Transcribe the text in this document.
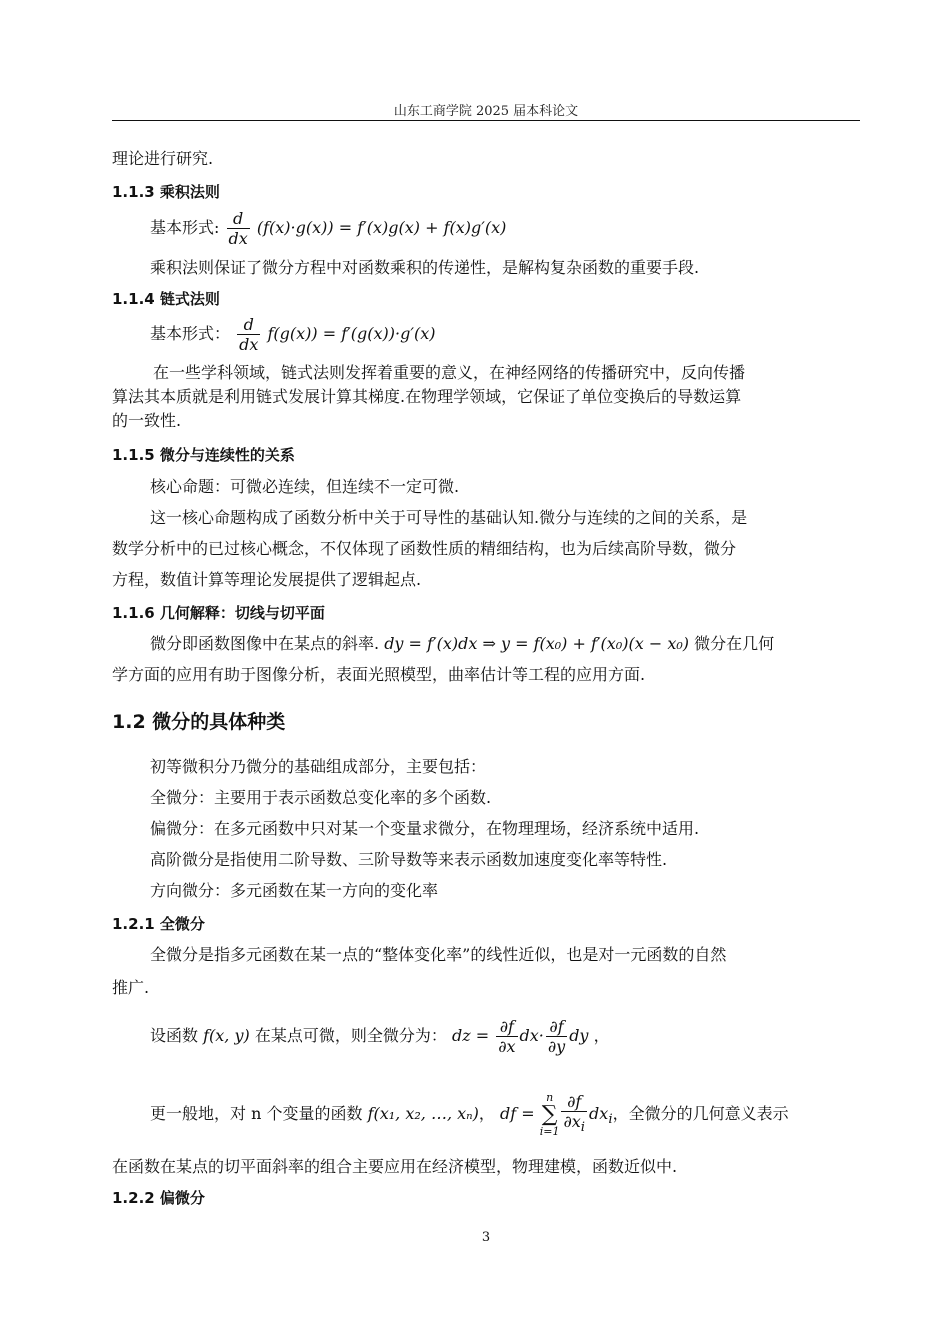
山东工商学院 2025 届本科论文
理论进行研究.
1.1.3 乘积法则
基本形式: $\frac{d}{dx} (f(x)\cdot g(x)) = f'(x)g(x) + f(x)g'(x)$
乘积法则保证了微分方程中对函数乘积的传递性，是解构复杂函数的重要手段.
1.1.4 链式法则
基本形式： $\frac{d}{dx} f(g(x)) = f'(g(x))\cdot g'(x)$
在一些学科领域，链式法则发挥着重要的意义，在神经网络的传播研究中，反向传播
算法其本质就是利用链式发展计算其梯度.在物理学领域，它保证了单位变换后的导数运算
的一致性.
1.1.5 微分与连续性的关系
核心命题：可微必连续，但连续不一定可微.
这一核心命题构成了函数分析中关于可导性的基础认知.微分与连续的之间的关系，是
数学分析中的已过核心概念，不仅体现了函数性质的精细结构，也为后续高阶导数，微分
方程，数值计算等理论发展提供了逻辑起点.
1.1.6 几何解释：切线与切平面
微分即函数图像中在某点的斜率. dy = f′(x)dx ⇒ y = f(x₀) + f′(x₀)(x − x₀) 微分在几何
学方面的应用有助于图像分析，表面光照模型，曲率估计等工程的应用方面.
1.2 微分的具体种类
初等微积分乃微分的基础组成部分，主要包括：
全微分：主要用于表示函数总变化率的多个函数.
偏微分：在多元函数中只对某一个变量求微分，在物理理场，经济系统中适用.
高阶微分是指使用二阶导数、三阶导数等来表示函数加速度变化率等特性.
方向微分：多元函数在某一方向的变化率
1.2.1 全微分
全微分是指多元函数在某一点的“整体变化率”的线性近似，也是对一元函数的自然
推广.
设函数 f(x, y) 在某点可微，则全微分为： dz = $\frac{\partial f}{\partial x} dx\cdot \frac{\partial f}{\partial y}$ dy ，
更一般地，对 n 个变量的函数 f(x₁, x₂, …, xₙ)， df = n
∑
$i=1 \frac{\partial f}{\partial x_i} dx_i$，全微分的几何意义表示
在函数在某点的切平面斜率的组合主要应用在经济模型，物理建模，函数近似中.
1.2.2 偏微分
3
